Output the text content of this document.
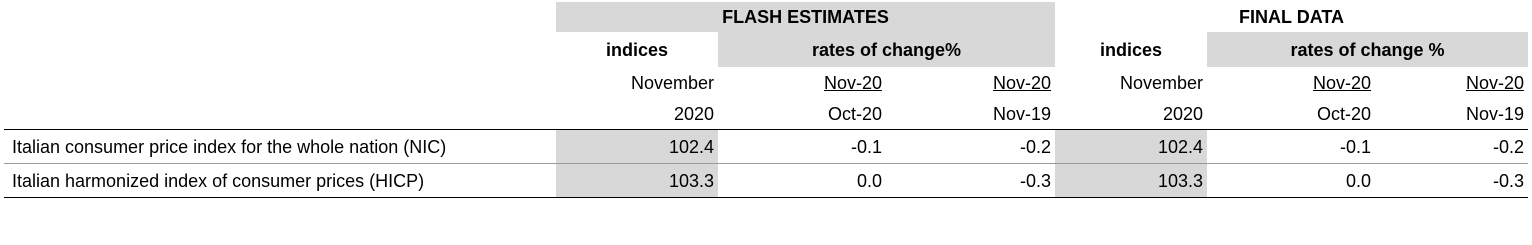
	FLASH ESTIMATES			FINAL DATA		
	indices	rates of change%		indices	rates of change %	
	November	Nov-20	Nov-20	November	Nov-20	Nov-20
	2020	Oct-20	Nov-19	2020	Oct-20	Nov-19
Italian consumer price index for the whole nation (NIC)	102.4	-0.1	-0.2	102.4	-0.1	-0.2
Italian harmonized index of consumer prices (HICP)	103.3	0.0	-0.3	103.3	0.0	-0.3
